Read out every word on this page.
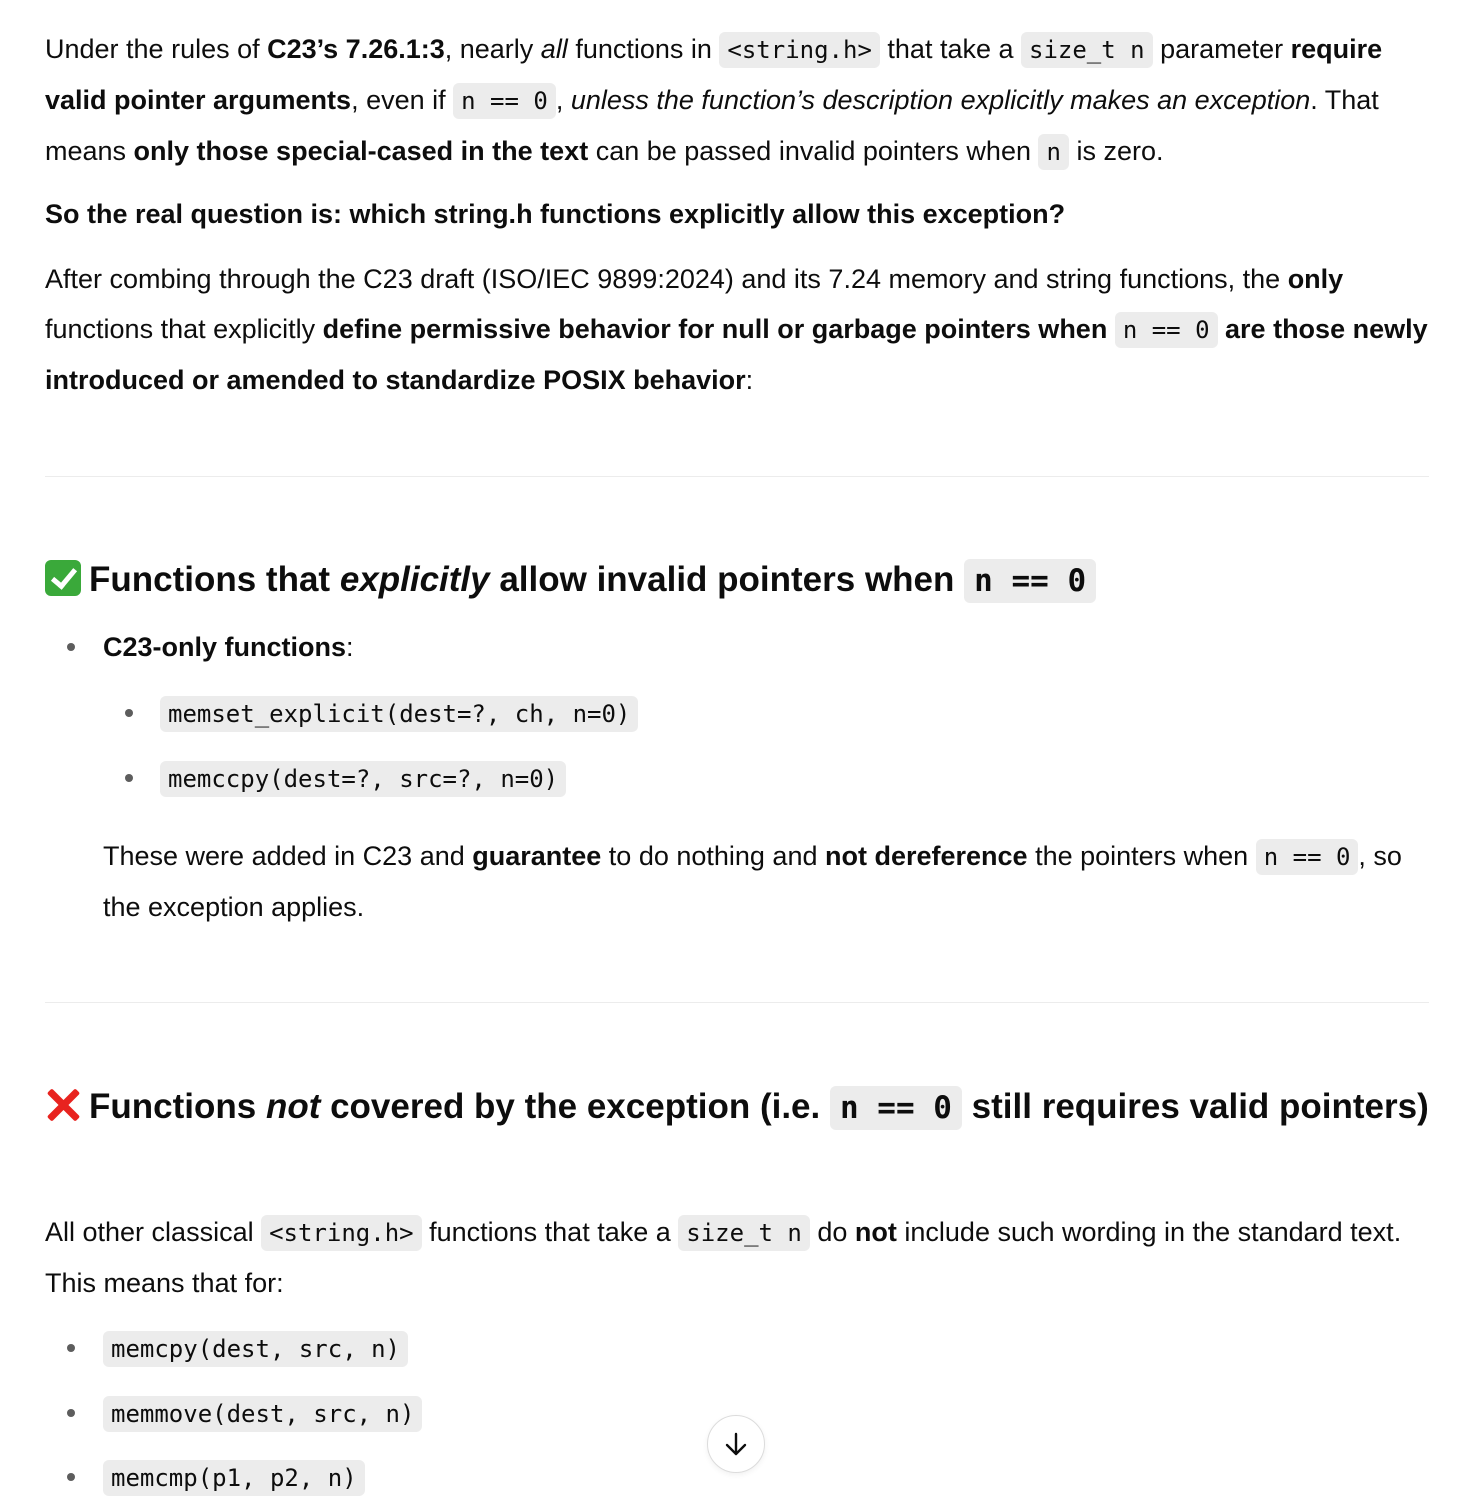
Under the rules of C23’s 7.26.1:3, nearly all functions in <string.h> that take a size_t n parameter require valid pointer arguments, even if n == 0 , unless the function’s description explicitly makes an exception. That means only those special-cased in the text can be passed invalid pointers when n is zero.

So the real question is: which string.h functions explicitly allow this exception?

After combing through the C23 draft (ISO/IEC 9899:2024) and its 7.24 memory and string functions, the only functions that explicitly define permissive behavior for null or garbage pointers when n == 0 are those newly introduced or amended to standardize POSIX behavior:

Functions that explicitly allow invalid pointers when n == 0
C23-only functions:
memset_explicit(dest=?, ch, n=0)
memccpy(dest=?, src=?, n=0)

These were added in C23 and guarantee to do nothing and not dereference the pointers when n == 0 , so the exception applies.

Functions not covered by the exception (i.e. n == 0 still requires valid pointers)

All other classical <string.h> functions that take a size_t n do not include such wording in the standard text. This means that for:

memcpy(dest, src, n)
memmove(dest, src, n)
memcmp(p1, p2, n)
